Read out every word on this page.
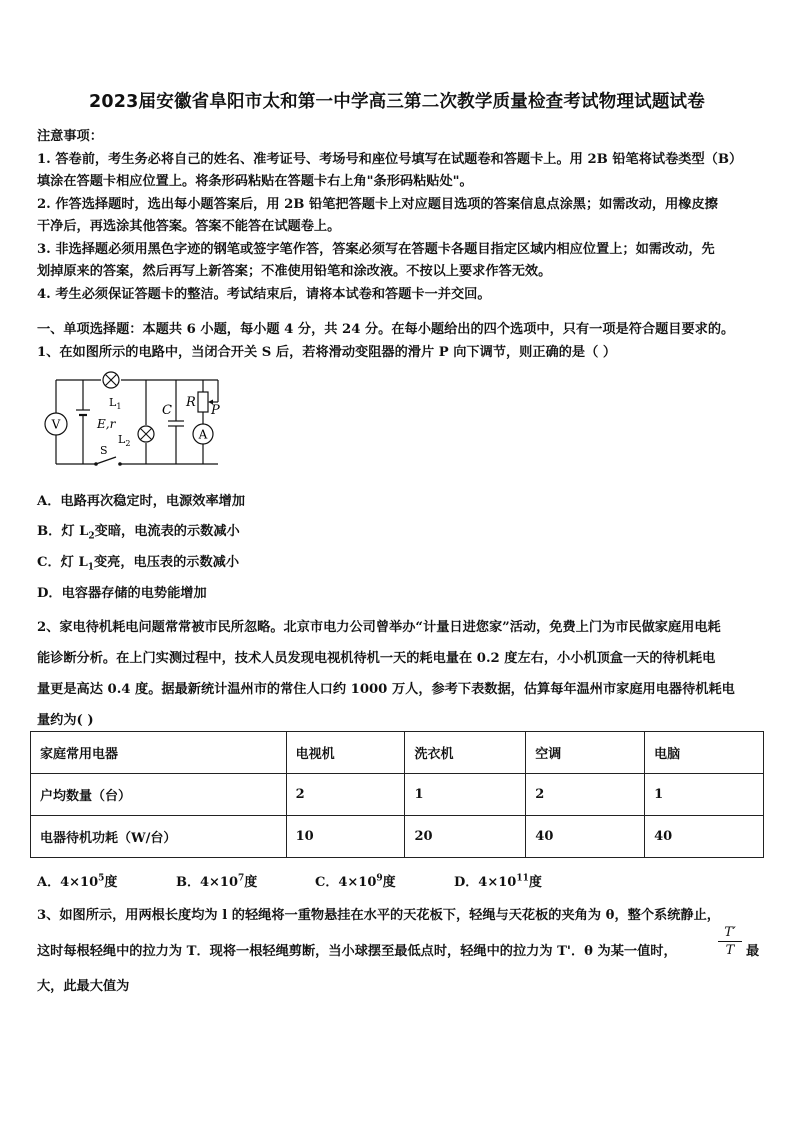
2023届安徽省阜阳市太和第一中学高三第二次教学质量检查考试物理试题试卷
注意事项：
1. 答卷前，考生务必将自己的姓名、准考证号、考场号和座位号填写在试题卷和答题卡上。用 2B 铅笔将试卷类型（B）
填涂在答题卡相应位置上。将条形码粘贴在答题卡右上角"条形码粘贴处"。
2. 作答选择题时，选出每小题答案后，用 2B 铅笔把答题卡上对应题目选项的答案信息点涂黑；如需改动，用橡皮擦
干净后，再选涂其他答案。答案不能答在试题卷上。
3. 非选择题必须用黑色字迹的钢笔或签字笔作答，答案必须写在答题卡各题目指定区域内相应位置上；如需改动，先
划掉原来的答案，然后再写上新答案；不准使用铅笔和涂改液。不按以上要求作答无效。
4. 考生必须保证答题卡的整洁。考试结束后，请将本试卷和答题卡一并交回。
一、单项选择题：本题共 6 小题，每小题 4 分，共 24 分。在每小题给出的四个选项中，只有一项是符合题目要求的。
1、在如图所示的电路中，当闭合开关 S 后，若将滑动变阻器的滑片 P 向下调节，则正确的是（ ）
V
A
$L_1$
E,r
$L_2$
S
C
R
P
A．电路再次稳定时，电源效率增加
B．灯 $L_2$变暗，电流表的示数减小
C．灯 $L_1$变亮，电压表的示数减小
D．电容器存储的电势能增加
2、家电待机耗电问题常常被市民所忽略。北京市电力公司曾举办“计量日进您家”活动，免费上门为市民做家庭用电耗
能诊断分析。在上门实测过程中，技术人员发现电视机待机一天的耗电量在 0.2 度左右，小小机顶盒一天的待机耗电
量更是高达 0.4 度。据最新统计温州市的常住人口约 1000 万人，参考下表数据，估算每年温州市家庭用电器待机耗电
量约为( )
家庭常用电器	电视机	洗衣机	空调	电脑
户均数量（台）	2	1	2	1
电器待机功耗（W/台）	10	20	40	40
A．$4\times 10^5$度	B．$4\times 10^7$度	C．$4\times 10^9$度	D．$4\times 10^{11}$度
3、如图所示，用两根长度均为 l 的轻绳将一重物悬挂在水平的天花板下，轻绳与天花板的夹角为 θ，整个系统静止，
这时每根轻绳中的拉力为 T．现将一根轻绳剪断，当小球摆至最低点时，轻绳中的拉力为 T'．θ 为某一值时，	$\frac{T'}{T}$ 最
大，此最大值为
